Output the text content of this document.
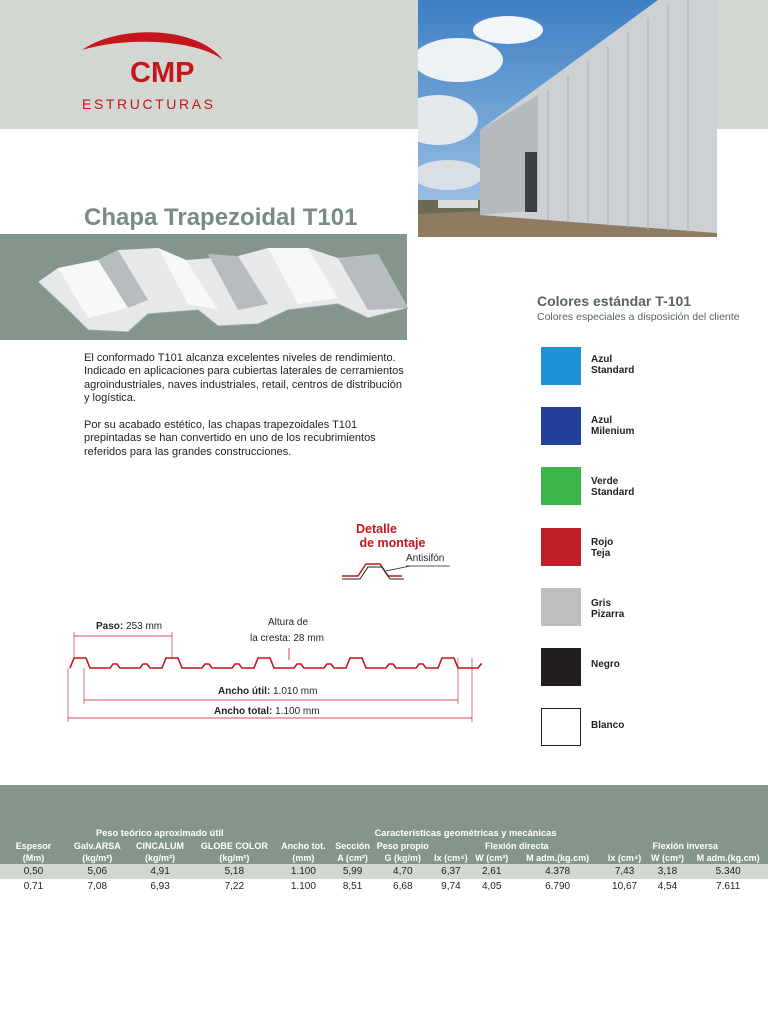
CMP
ESTRUCTURAS
Chapa Trapezoidal T101
El conformado T101 alcanza excelentes niveles de rendimiento. Indicado en aplicaciones para cubiertas laterales de cerramientos agroindustriales, naves industriales, retail, centros de distribución y logística.
Por su acabado estético, las chapas trapezoidales T101 prepintadas se han convertido en uno de los recubrimientos referidos para las grandes construcciones.
Colores estándar T-101
Colores especiales a disposición del cliente
Azul
Standard
Azul
Milenium
Verde
Standard
Rojo
Teja
Gris
Pizarra
Negro
Blanco
Detalle
de montaje
Antisifón
Paso: 253 mm	Altura de
la cresta: 28 mm
Ancho útil: 1.010 mm
Ancho total: 1.100 mm
Peso teórico aproximado útil					Características geométricas y mecánicas							
Espesor	Galv.ARSA	CINCALUM	GLOBE COLOR	Ancho tot.	Sección	Peso propio	Flexión directa			Flexión inversa		
(Mm)	(kg/m²)	(kg/m²)	(kg/m²)	(mm)	A (cm²)	G (kg/m)	Ix (cm⁴)	W (cm³)	M adm.(kg.cm)	Ix (cm⁴)	W (cm³)	M adm.(kg.cm)
0,50	5,06	4,91	5,18	1.100	5,99	4,70	6,37	2,61	4.378	7,43	3,18	5.340
0,71	7,08	6,93	7,22	1.100	8,51	6,68	9,74	4,05	6.790	10,67	4,54	7.611
